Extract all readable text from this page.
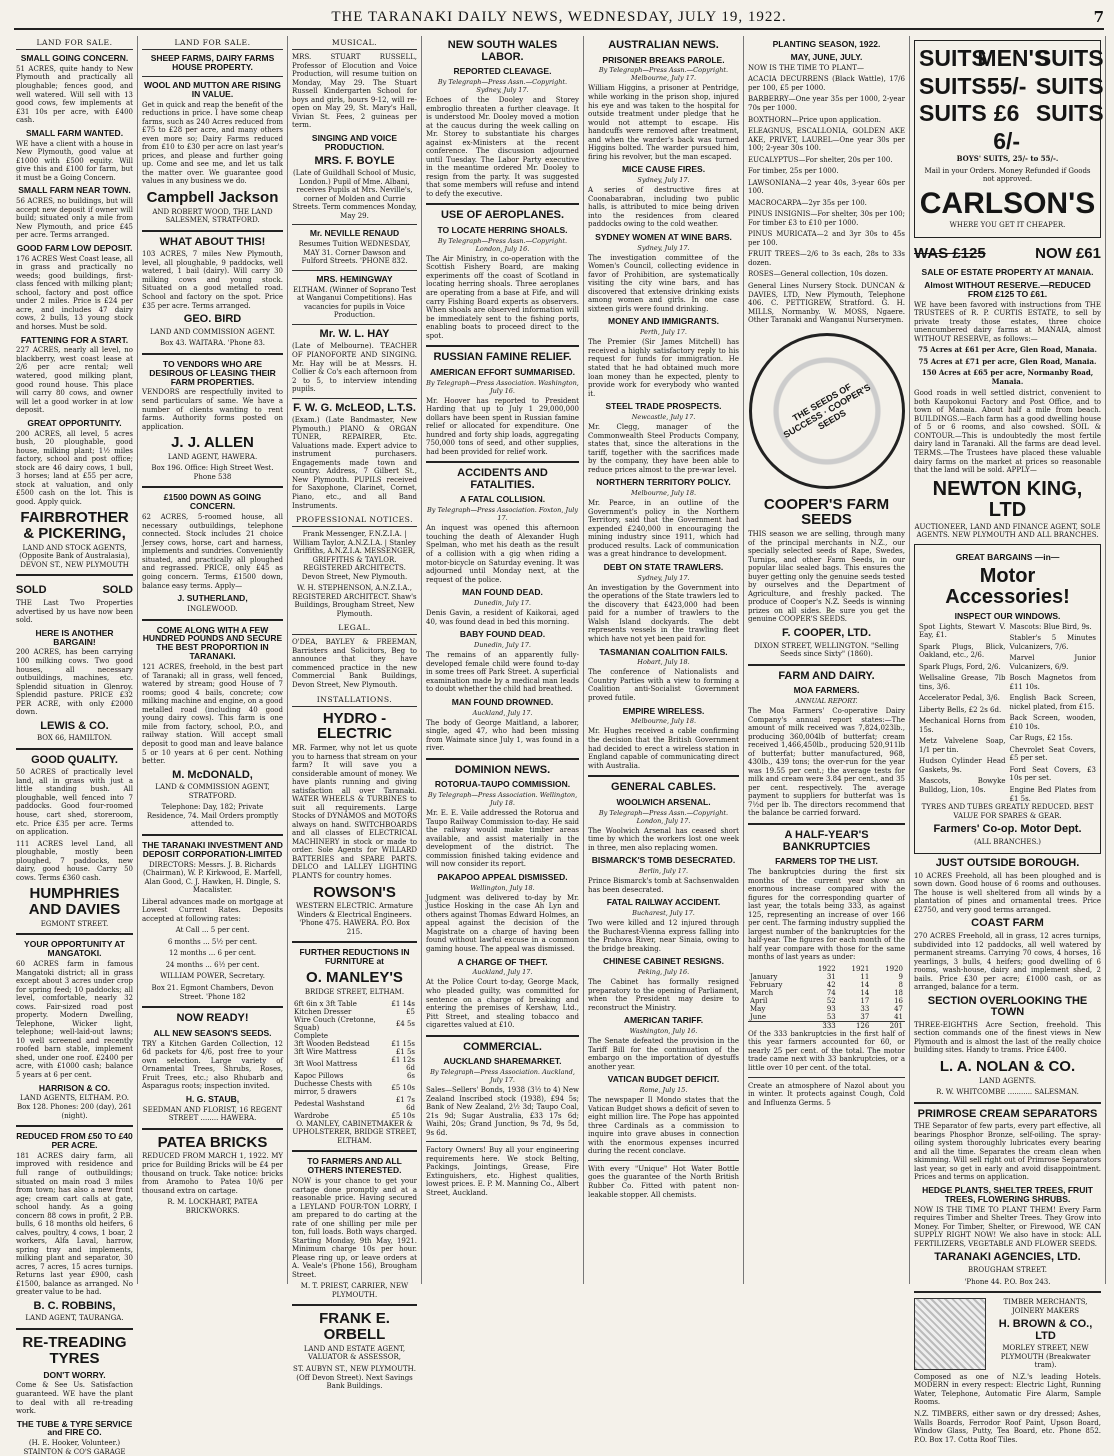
THE TARANAKI DAILY NEWS, WEDNESDAY, JULY 19, 1922.	7
LAND FOR SALE.
SMALL GOING CONCERN.

51 ACRES, quite handy to New Plymouth and practically all ploughable; fences good, and well watered. Will sell with 13 good cows, few implements at £31 10s per acre, with £400 cash.

SMALL FARM WANTED.

WE have a client with a house in New Plymouth, good value at £1000 with £500 equity. Will give this and £100 for farm, but it must be a Going Concern.

SMALL FARM NEAR TOWN.

56 ACRES, no buildings, but will accept new deposit if owner will build; situated only a mile from New Plymouth, and price £45 per acre. Terms arranged.

GOOD FARM LOW DEPOSIT.

176 ACRES West Coast lease, all in grass and practically no weeds; good buildings, first-class fenced with milking plant; school, factory and post office under 2 miles. Price is £24 per acre, and includes 47 dairy cows, 2 bulls, 13 young stock and horses. Must be sold.

FATTENING FOR A START.

227 ACRES, nearly all level, no blackberry, west coast lease at 2/6 per acre rental; well watered, good milking plant, good round house. This place will carry 80 cows, and owner will let a good worker in at low deposit.

GREAT OPPORTUNITY.

200 ACRES, all level, 5 acres bush, 20 ploughable, good house, milking plant; 1½ miles factory, school and post office; stock are 46 dairy cows, 1 bull, 3 horses; land at £55 per acre, stock at valuation, and only £500 cash on the lot. This is good. Apply quick.

FAIRBROTHER & PICKERING,

LAND AND STOCK AGENTS, (Opposite Bank of Australasia), DEVON ST., NEW PLYMOUTH

SOLD	SOLD

THE Last Two Properties advertised by us have now been sold.

HERE IS ANOTHER BARGAIN!

200 ACRES, has been carrying 100 milking cows. Two good houses, all necessary outbuildings, machines, etc. Splendid situation in Glenroy. Splendid pasture. PRICE £32 PER ACRE, with only £2000 down.

LEWIS & CO.

BOX 66, HAMILTON.

GOOD QUALITY.

50 ACRES of practically level land, all in grass with just a little standing bush. All ploughable, well fenced into 7 paddocks. Good four-roomed house, cart shed, storeroom, etc. Price £35 per acre. Terms on application.

111 ACRES level Land, all ploughable, mostly been ploughed, 7 paddocks, new dairy, good house. Carry 50 cows. Terms £360 cash.

HUMPHRIES AND DAVIES

EGMONT STREET.

YOUR OPPORTUNITY AT MANGATOKI.

60 ACRES farm in famous Mangatoki district; all in grass except about 3 acres under crop for spring feed; 10 paddocks; all level, comfortable, nearly 32 cows. Fair-sized road post property. Modern Dwelling, Telephone, Wicker light, telephone; well-laid-out lawns; 10 well screened and recently roofed barn stable, implement shed, under one roof. £2400 per acre, with £1000 cash; balance 5 years at 6 per cent.

HARRISON & CO.

LAND AGENTS, ELTHAM. P.O. Box 128. Phones: 200 (day), 261 (night).

REDUCED FROM £50 TO £40 PER ACRE.

181 ACRES dairy farm, all improved with residence and full range of outbuildings; situated on main road 3 miles from town; has also a new front age; cream cart calls at gate, school handy. As a going concern 88 cows in profit, 2 P.B. bulls, 6 18 months old heifers, 6 calves, poultry, 4 cows, 1 boar, 2 workers, Alfa Laval, harrow, spring tray and implements, milking plant and separator, 30 acres, 7 acres, 15 acres turnips. Returns last year £900, cash £1500, balance as arranged. No greater value to be had.

B. C. ROBBINS,

LAND AGENT, TAURANGA.

RE-TREADING TYRES
DON'T WORRY.

Come & See Us. Satisfaction guaranteed. WE have the plant to deal with all re-treading work.

THE TUBE & TYRE SERVICE and FIRE CO.

(H. E. Hooker, Volunteer.) STAINTON & CO'S GARAGE

LAND FOR SALE.
SHEEP FARMS, DAIRY FARMS HOUSE PROPERTY.
WOOL AND MUTTON ARE RISING IN VALUE.

Get in quick and reap the benefit of the reductions in price. I have some cheap farms, such as 240 Acres reduced from £75 to £28 per acre, and many others even more so; Dairy Farms reduced from £10 to £30 per acre on last year's prices, and please and further going up. Come and see me, and let us talk the matter over. We guarantee good values in any business we do.

Campbell Jackson

AND ROBERT WOOD, THE LAND SALESMEN, STRATFORD.

WHAT ABOUT THIS!

103 ACRES, 7 miles New Plymouth, level, all ploughable, 9 paddocks, well watered, 1 bail (dairy). Will carry 30 milking cows and young stock. Situated on a good metalled road. School and factory on the spot. Price £35 per acre. Terms arranged.

GEO. BIRD

LAND AND COMMISSION AGENT.

Box 43. WAITARA. 'Phone 83.

TO VENDORS WHO ARE DESIROUS OF LEASING THEIR FARM PROPERTIES.

VENDORS are respectfully invited to send particulars of same. We have a number of clients wanting to rent farms. Authority forms posted on application.

J. J. ALLEN

LAND AGENT, HAWERA.

Box 196. Office: High Street West. Phone 538

£1500 DOWN AS GOING CONCERN.

62 ACRES, 5-roomed house, all necessary outbuildings, telephone connected. Stock includes 21 choice Jersey cows, horse, cart and harness, implements and sundries. Conveniently situated, and practically all ploughed and regrassed. PRICE, only £45 as going concern. Terms, £1500 down, balance easy terms. Apply—

J. SUTHERLAND,

INGLEWOOD.

COME ALONG WITH A FEW HUNDRED POUNDS AND SECURE THE BEST PROPORTION IN TARANAKI.

121 ACRES, freehold, in the best part of Taranaki; all in grass, well fenced, watered by stream; good House of 7 rooms; good 4 bails, concrete; cow milking machine and engine, on a good metalled road (including 40 good young dairy cows). This farm is one mile from factory, school, P.O., and railway station. Will accept small deposit to good man and leave balance 5 or 10 years at 6 per cent. Nothing better.

M. McDONALD,

LAND & COMMISSION AGENT, STRATFORD.

Telephone: Day, 182; Private Residence, 74. Mail Orders promptly attended to.

THE TARANAKI INVESTMENT AND DEPOSIT CORPORATION-LIMITED

DIRECTORS: Messrs. J. B. Richards (Chairman), W. P. Kirkwood, E. Marfell, Alan Good, C. J. Hawken, H. Dingle, S. Macalister.

Liberal advances made on mortgage at Lowest Current Rates. Deposits accepted at following rates:

At Call ... 5 per cent.

6 months ... 5½ per cent.

12 months ... 6 per cent.

24 months ... 6½ per cent.

WILLIAM POWER, Secretary.

Box 21. Egmont Chambers, Devon Street. 'Phone 182

NOW READY!
ALL NEW SEASON'S SEEDS.

TRY a Kitchen Garden Collection, 12 6d packets for 4/6, post free to your own selection. Large variety of Ornamental Trees, Shrubs, Roses, Fruit Trees, etc.; also Rhubarb and Asparagus roots; inspection invited.

H. G. STAUB,

SEEDMAN AND FLORIST, 16 REGENT STREET ........ HAWERA.

PATEA BRICKS

REDUCED FROM MARCH 1, 1922. MY price for Building Bricks will be £4 per thousand on truck. Take notice: bricks from Aramoho to Patea 10/6 per thousand extra on cartage.

R. M. LOCKHART, PATEA BRICKWORKS.

MUSICAL.

MRS. STUART RUSSELL, Professor of Elocution and Voice Production, will resume tuition on Monday, May 29. The Stuart Russell Kindergarten School for boys and girls, hours 9-12, will re-open on May 29, St. Mary's Hall, Vivian St. Fees, 2 guineas per term.

SINGING AND VOICE PRODUCTION.
MRS. F. BOYLE

(Late of Guildhall School of Music, London.) Pupil of Mme. Albani, receives Pupils at Mrs. Neville's, corner of Molden and Currie Streets. Term commences Monday, May 29.

Mr. NEVILLE RENAUD

Resumes Tuition WEDNESDAY, MAY 31. Corner Dawson and Fulford Streets. 'PHONE 832.

MRS. HEMINGWAY

ELTHAM. (Winner of Soprano Test at Wanganui Competitions). Has vacancies for pupils in Voice Production.

Mr. W. L. HAY

(Late of Melbourne). TEACHER OF PIANOFORTE AND SINGING. Mr. Hay will be at Messrs. H. Collier & Co's each afternoon from 2 to 5, to interview intending pupils.

F. W. G. McLEOD, L.T.S.

(Exam.) (Late Bandmaster, New Plymouth.) PIANO & ORGAN TUNER, REPAIRER, Etc. Valuations made. Expert advice to instrument purchasers. Engagements made town and country. Address, 7 Gilbert St., New Plymouth. PUPILS received for Saxophone, Clarinet, Cornet, Piano, etc., and all Band Instruments.

PROFESSIONAL NOTICES.

Frank Messenger, F.N.Z.I.A. | William Taylor, A.N.Z.I.A. | Stanley Griffiths, A.N.Z.I.A. MESSENGER, GRIFFITHS & TAYLOR. REGISTERED ARCHITECTS. Devon Street, New Plymouth.

W. H. STEPHENSON, A.N.Z.I.A., REGISTERED ARCHITECT. Shaw's Buildings, Brougham Street, New Plymouth.

LEGAL.

O'DEA, BAYLEY & FREEMAN, Barristers and Solicitors, Beg to announce that they have commenced practice in the new Commercial Bank Buildings, Devon Street, New Plymouth.

INSTALLATIONS.
HYDRO - ELECTRIC

MR. Farmer, why not let us quote you to harness that stream on your farm? It will save you a considerable amount of money. We have plants running and giving satisfaction all over Taranaki. WATER WHEELS & TURBINES to suit all requirements. Large Stocks of DYNAMOS and MOTORS always on hand. SWITCHBOARDS and all classes of ELECTRICAL MACHINERY in stock or made to order. Sole Agents for WILLARD BATTERIES and SPARE PARTS. DELCO and LALLEY LIGHTING PLANTS for country homes.

ROWSON'S

WESTERN ELECTRIC. Armature Winders & Electrical Engineers. 'Phone 475. HAWERA. P.O. Box 215.

FURTHER REDUCTIONS IN FURNITURE at
O. MANLEY'S

BRIDGE STREET, ELTHAM.

6ft 6in x 3ft Table	£1 14s
Kitchen Dresser	£5
Wire Couch (Cretonne, Squab)	£4 5s
Complete	
3ft Wooden Bedstead	£1 15s
3ft Wire Mattress	£1 5s
3ft Wool Mattress	£1 12s 6d
Kapoc Pillows	6s
Duchesse Chests with mirror, 5 drawers	£5 10s
Pedestal Washstand	£1 7s 6d
Wardrobe	£5 10s

O. MANLEY, CABINETMAKER & UPHOLSTERER, BRIDGE STREET, ELTHAM.

TO FARMERS AND ALL OTHERS INTERESTED.

NOW is your chance to get your cartage done promptly and at a reasonable price. Having secured a LEYLAND FOUR-TON LORRY, I am prepared to do carting at the rate of one shilling per mile per ton, full loads. Both ways charged. Starting Monday, 9th May, 1921. Minimum charge 10s per hour. Please ring up, or leave orders at A. Veale's (Phone 156), Brougham Street.

M. T. PRIEST, CARRIER, NEW PLYMOUTH.

FRANK E. ORBELL

LAND AND ESTATE AGENT, VALUATOR & ASSESSOR,

ST. AUBYN ST., NEW PLYMOUTH. (Off Devon Street). Next Savings Bank Buildings.

NEW SOUTH WALES LABOR.
REPORTED CLEAVAGE.
By Telegraph—Press Assn.—Copyright. Sydney, July 17.

Echoes of the Dooley and Storey embroglio threaten a further cleavage. It is understood Mr. Dooley moved a motion at the caucus during the week calling on Mr. Storey to substantiate his charges against ex-Ministers at the recent conference. The discussion adjourned until Tuesday. The Labor Party executive in the meantime ordered Mr. Dooley to resign from the party. It was suggested that some members will refuse and intend to defy the executive.

USE OF AEROPLANES.
TO LOCATE HERRING SHOALS.
By Telegraph—Press Assn.—Copyright. London, July 16.

The Air Ministry, in co-operation with the Scottish Fishery Board, are making experiments off the coast of Scotland in locating herring shoals. Three aeroplanes are operating from a base at Fife, and will carry Fishing Board experts as observers. When shoals are observed information will be immediately sent to the fishing ports, enabling boats to proceed direct to the spot.

RUSSIAN FAMINE RELIEF.
AMERICAN EFFORT SUMMARISED.
By Telegraph—Press Association. Washington, July 16.

Mr. Hoover has reported to President Harding that up to July 1 29,000,000 dollars have been spent in Russian famine relief or allocated for expenditure. One hundred and forty ship loads, aggregating 750,000 tons of seed, and other supplies, had been provided for relief work.

ACCIDENTS AND FATALITIES.
A FATAL COLLISION.
By Telegraph—Press Association. Foxton, July 17.

An inquest was opened this afternoon touching the death of Alexander Hugh Spelman, who met his death as the result of a collision with a gig when riding a motor-bicycle on Saturday evening. It was adjourned until Monday next, at the request of the police.

MAN FOUND DEAD.
Dunedin, July 17.

Denis Gavin, a resident of Kaikorai, aged 40, was found dead in bed this morning.

BABY FOUND DEAD.
Dunedin, July 17.

The remains of an apparently fully-developed female child were found to-day in some trees off Park Street. A superficial examination made by a medical man leads to doubt whether the child had breathed.

MAN FOUND DROWNED.
Auckland, July 17.

The body of George Maitland, a laborer, single, aged 47, who had been missing from Waimate since July 1, was found in a river.

DOMINION NEWS.
ROTORUA-TAUPO COMMISSION.
By Telegraph—Press Association. Wellington, July 18.

Mr. E. E. Vaile addressed the Rotorua and Taupo Railway Commission to-day. He said the railway would make timber areas available, and assist materially in the development of the district. The commission finished taking evidence and will now consider its report.

PAKAPOO APPEAL DISMISSED.
Wellington, July 18.

Judgment was delivered to-day by Mr. Justice Hosking in the case Ah Lyn and others against Thomas Edward Holmes, an appeal against the decision of the Magistrate on a charge of having been found without lawful excuse in a common gaming house. The appeal was dismissed.

A CHARGE OF THEFT.
Auckland, July 17.

At the Police Court to-day, George Mack, who pleaded guilty, was committed for sentence on a charge of breaking and entering the premises of Kershaw, Ltd., Pitt Street, and stealing tobacco and cigarettes valued at £10.

COMMERCIAL.
AUCKLAND SHAREMARKET.
By Telegraph—Press Association. Auckland, July 17.

Sales—Sellers' Bonds, 1938 (3½ to 4) New Zealand Inscribed stock (1938), £94 5s; Bank of New Zealand, 2½ 3d; Taupo Coal, 21s 9d; Sugar Australia, £33 17s 6d; Waihi, 20s; Grand Junction, 9s 7d, 9s 5d, 9s 6d.

Factory Owners! Buy all your engineering requirements here. We stock Belting, Packings, Jointings, Grease, Fire Extinguishers, etc. Highest qualities, lowest prices. E. P. M. Manning Co., Albert Street, Auckland.

AUSTRALIAN NEWS.
PRISONER BREAKS PAROLE.
By Telegraph—Press Assn.—Copyright. Melbourne, July 17.

William Higgins, a prisoner at Pentridge, while working in the prison shop, injured his eye and was taken to the hospital for outside treatment under pledge that he would not attempt to escape. His handcuffs were removed after treatment, and when the warder's back was turned Higgins bolted. The warder pursued him, firing his revolver, but the man escaped.

MICE CAUSE FIRES.
Sydney, July 17.

A series of destructive fires at Coonabarabran, including two public halls, is attributed to mice being driven into the residences from cleared paddocks owing to the cold weather.

SYDNEY WOMEN AT WINE BARS.
Sydney, July 17.

The investigation committee of the Women's Council, collecting evidence in favor of Prohibition, are systematically visiting the city wine bars, and has discovered that extensive drinking exists among women and girls. In one case sixteen girls were found drinking.

MONEY AND IMMIGRANTS.
Perth, July 17.

The Premier (Sir James Mitchell) has received a highly satisfactory reply to his request for funds for immigration. He stated that he had obtained much more loan money than he expected, plenty to provide work for everybody who wanted it.

STEEL TRADE PROSPECTS.
Newcastle, July 17.

Mr. Clegg, manager of the Commonwealth Steel Products Company, states that, since the alterations in the tariff, together with the sacrifices made by the company, they have been able to reduce prices almost to the pre-war level.

NORTHERN TERRITORY POLICY.
Melbourne, July 18.

Mr. Pearce, in an outline of the Government's policy in the Northern Territory, said that the Government had expended £240,000 in encouraging the mining industry since 1911, which had produced results. Lack of communication was a great hindrance to development.

DEBT ON STATE TRAWLERS.
Sydney, July 17.

An investigation by the Government into the operations of the State trawlers led to the discovery that £423,000 had been paid for a number of trawlers to the Walsh Island dockyards. The debt represents vessels in the trawling fleet which have not yet been paid for.

TASMANIAN COALITION FAILS.
Hobart, July 18.

The conference of Nationalists and Country Parties with a view to forming a Coalition anti-Socialist Government proved futile.

EMPIRE WIRELESS.
Melbourne, July 18.

Mr. Hughes received a cable confirming the decision that the British Government had decided to erect a wireless station in England capable of communicating direct with Australia.

GENERAL CABLES.
WOOLWICH ARSENAL.
By Telegraph—Press Assn.—Copyright. London, July 17.

The Woolwich Arsenal has ceased short time by which the workers lost one week in three, men also replacing women.

BISMARCK'S TOMB DESECRATED.
Berlin, July 17.

Prince Bismarck's tomb at Sachsenwalden has been desecrated.

FATAL RAILWAY ACCIDENT.
Bucharest, July 17.

Two were killed and 12 injured through the Bucharest-Vienna express falling into the Prahova River, near Sinaia, owing to the bridge breaking.

CHINESE CABINET RESIGNS.
Peking, July 16.

The Cabinet has formally resigned preparatory to the opening of Parliament, when the President may desire to reconstruct the Ministry.

AMERICAN TARIFF.
Washington, July 16.

The Senate defeated the provision in the Tariff Bill for the continuation of the embargo on the importation of dyestuffs another year.

VATICAN BUDGET DEFICIT.
Rome, July 15.

The newspaper Il Mondo states that the Vatican Budget shows a deficit of seven to eight million lire. The Pope has appointed three Cardinals as a commission to inquire into grave abuses in connection with the enormous expenses incurred during the recent conclave.

With every "Unique" Hot Water Bottle goes the guarantee of the North British Rubber Co. Fitted with patent non-leakable stopper. All chemists.

PLANTING SEASON, 1922.
MAY, JUNE, JULY.

NOW IS THE TIME TO PLANT—

ACACIA DECURRENS (Black Wattle), 17/6 per 100, £5 per 1000.

BARBERRY—One year 35s per 1000, 2-year 70s per 1000.

BOXTHORN—Price upon application.

ELEAGNUS, ESCALLONIA, GOLDEN AKE AKE, PRIVET, LAUREL—One year 30s per 100; 2-year 30s 100.

EUCALYPTUS—For shelter, 20s per 100.

For timber, 25s per 1000.

LAWSONIANA—2 year 40s, 3-year 60s per 100.

MACROCARPA—2yr 35s per 100.

PINUS INSIGNIS—For shelter, 30s per 100; For timber £3 to £10 per 1000.

PINUS MURICATA—2 and 3yr 30s to 45s per 100.

FRUIT TREES—2/6 to 3s each, 28s to 33s dozen.

ROSES—General collection, 10s dozen.

General Lines Nursery Stock. DUNCAN & DAVIES, LTD, New Plymouth, Telephone 406. C. PETTIGREW, Stratford. G. H. MILLS, Normanby. W. MOSS, Ngaere. Other Taranaki and Wanganui Nurserymen.

THE SEEDS OF SUCCESS · COOPER'S SEEDS
COOPER'S FARM SEEDS

THIS season we are selling, through many of the principal merchants in N.Z., our specially selected seeds of Rape, Swedes, Turnips, and other Farm Seeds, in our popular lilac sealed bags. This ensures the buyer getting only the genuine seeds tested by ourselves and the Department of Agriculture, and freshly packed. The produce of Cooper's N.Z. Seeds is winning prizes on all sides. Be sure you get the genuine COOPER'S SEEDS.

F. COOPER, LTD.

DIXON STREET, WELLINGTON. "Selling Seeds since Sixty" (1860).

FARM AND DAIRY.
MOA FARMERS.
ANNUAL REPORT.

The Moa Farmers' Co-operative Dairy Company's annual report states:—The amount of milk received was 7,824,023lb., producing 360,004lb of butterfat; cream received 1,466,450lb., producing 520,911lb of butterfat; butter manufactured, 968, 430lb., 439 tons; the over-run for the year was 19.55 per cent.; the average tests for milk and cream were 3.84 per cent., and 35 per cent. respectively. The average payment to suppliers for butterfat was 1s 7½d per lb. The directors recommend that the balance be carried forward.

A HALF-YEAR'S BANKRUPTCIES
FARMERS TOP THE LIST.

The bankruptcies during the first six months of the current year show an enormous increase compared with the figures for the corresponding quarter of last year, the totals being 333, as against 125, representing an increase of over 166 per cent. The farming industry supplied the largest number of the bankruptcies for the half-year. The figures for each month of the half year compare with those for the same months of last years as under:

	1922	1921	1920
January	31	11	9
February	42	14	8
March	74	14	18
April	52	17	16
May	93	33	47
June	53	37	41
	333	126	201

Of the 333 bankruptcies in the first half of this year farmers accounted for 60, or nearly 25 per cent. of the total. The motor trade came next with 33 bankruptcies, or a little over 10 per cent. of the total.

Create an atmosphere of Nazol about you in winter. It protects against Cough, Cold and Influenza Germs. 5

SUITS
MEN'S
SUITS
SUITS 55/- SUITS
SUITS £6 6/-
SUITS

BOYS' SUITS, 25/- to 55/-.

Mail in your Orders. Money Refunded if Goods not approved.

CARLSON'S

WHERE YOU GET IT CHEAPER.

WAS £125	NOW £61
SALE OF ESTATE PROPERTY AT MANAIA.
Almost WITHOUT RESERVE.—REDUCED FROM £125 TO £61.

WE have been favored with instructions from THE TRUSTEES of R. P. CURTIS ESTATE, to sell by private treaty those estates, three choice unencumbered dairy farms at MANAIA, almost WITHOUT RESERVE, as follows:—

75 Acres at £61 per Acre, Glen Road, Manaia.

75 Acres at £71 per acre, Glen Road, Manaia.

150 Acres at £65 per acre, Normanby Road, Manaia.

Good roads in well settled district, convenient to both Kaupokonui Factory and Post Office, and to town of Manaia. About half a mile from beach. BUILDINGS.—Each farm has a good dwelling house of 5 or 6 rooms, and also cowshed. SOIL & CONTOUR.—This is undoubtedly the most fertile dairy land in Taranaki. All the farms are dead level. TERMS.—The Trustees have placed these valuable dairy farms on the market at prices so reasonable that the land will be sold. APPLY—

NEWTON KING, LTD

AUCTIONEER, LAND AND FINANCE AGENT, SOLE AGENTS. NEW PLYMOUTH AND ALL BRANCHES.

GREAT BARGAINS —in—
Motor Accessories!
INSPECT OUR WINDOWS.

Spot Lights, Stewart V. Eay, £1.

Spark Plugs, Blick, Oakland, etc., 2/6.

Spark Plugs, Ford, 2/6.

Wellsaline Grease, 7lb tins, 3/6.

Accelerator Pedal, 3/6.

Liberty Bells, £2 2s 6d.

Mechanical Horns from 15s.

Metz Valvelene Soap, 1/1 per tin.

Hudson Cylinder Head Gaskets, 9s.

Mascots, Bowyke Bulldog, Lion, 10s.

Mascots: Blue Bird, 9s.

Stabler's 5 Minutes Vulcanizers, 7/6.

Marvel Junior Vulcanizers, 6/9.

Bosch Magnetos from £11 10s.

English Back Screen, nickel plated, from £15.

Back Screen, wooden, £10 10s.

Car Rugs, £2 15s.

Chevrolet Seat Covers, £5 per set.

Ford Seat Covers, £3 10s per set.

Engine Bed Plates from £1 5s.

TYRES AND TUBES GREATLY REDUCED. BEST VALUE FOR SPARES & GEAR.

Farmers' Co-op. Motor Dept.

(ALL BRANCHES.)

JUST OUTSIDE BOROUGH.

10 ACRES Freehold, all has been ploughed and is sown down. Good house of 6 rooms and outhouses. The house is well sheltered from all winds by a plantation of pines and ornamental trees. Price £2750, and very good terms arranged.

COAST FARM

270 ACRES Freehold, all in grass, 12 acres turnips, subdivided into 12 paddocks, all well watered by permanent streams. Carrying 70 cows, 4 horses, 16 yearlings, 3 bulls, 4 heifers; good dwelling of 6 rooms, wash-house, dairy and implement shed, 2 bails. Price £30 per acre; £1000 cash, or as arranged, balance for a term.

SECTION OVERLOOKING THE TOWN

THREE-EIGHTHS Acre Section, freehold. This section commands one of the finest views in New Plymouth and is almost the last of the really choice building sites. Handy to trams. Price £400.

L. A. NOLAN & CO.

LAND AGENTS.

R. W. WHITCOMBE ........... SALESMAN.

PRIMROSE CREAM SEPARATORS

THE Separator of few parts, every part effective, all bearings Phosphor Bronze, self-oiling. The spray-oiling system thoroughly lubricates every bearing and all the time. Separates the cream clean when skimming. Will sell right out of Primrose Separators last year, so get in early and avoid disappointment. Prices and terms on application.

HEDGE PLANTS, SHELTER TREES, FRUIT TREES, FLOWERING SHRUBS.

NOW IS THE TIME TO PLANT THEM! Every Farm requires Timber and Shelter Trees. They Grow into Money. For Timber, Shelter, or Firewood, WE CAN SUPPLY RIGHT NOW! We also have in stock: ALL FERTILIZERS, VEGETABLE AND FLOWER SEEDS.

TARANAKI AGENCIES, LTD.

BROUGHAM STREET.

'Phone 44. P.O. Box 243.

TIMBER MERCHANTS, JOINERY MAKERS

H. BROWN & CO., LTD

MORLEY STREET, NEW PLYMOUTH (Breakwater tram).

Composed as one of N.Z.'s leading Hotels. MODERN in every respect: Electric Light, Running Water, Telephone, Automatic Fire Alarm, Sample Rooms.

N.Z. TIMBERS, either sawn or dry dressed; Ashes, Walls Boards, Ferrodor Roof Paint, Upson Board, Window Glass, Putty, Tea Board, etc. Phone 852. P.O. Box 17. Cotta Roof Tiles.
